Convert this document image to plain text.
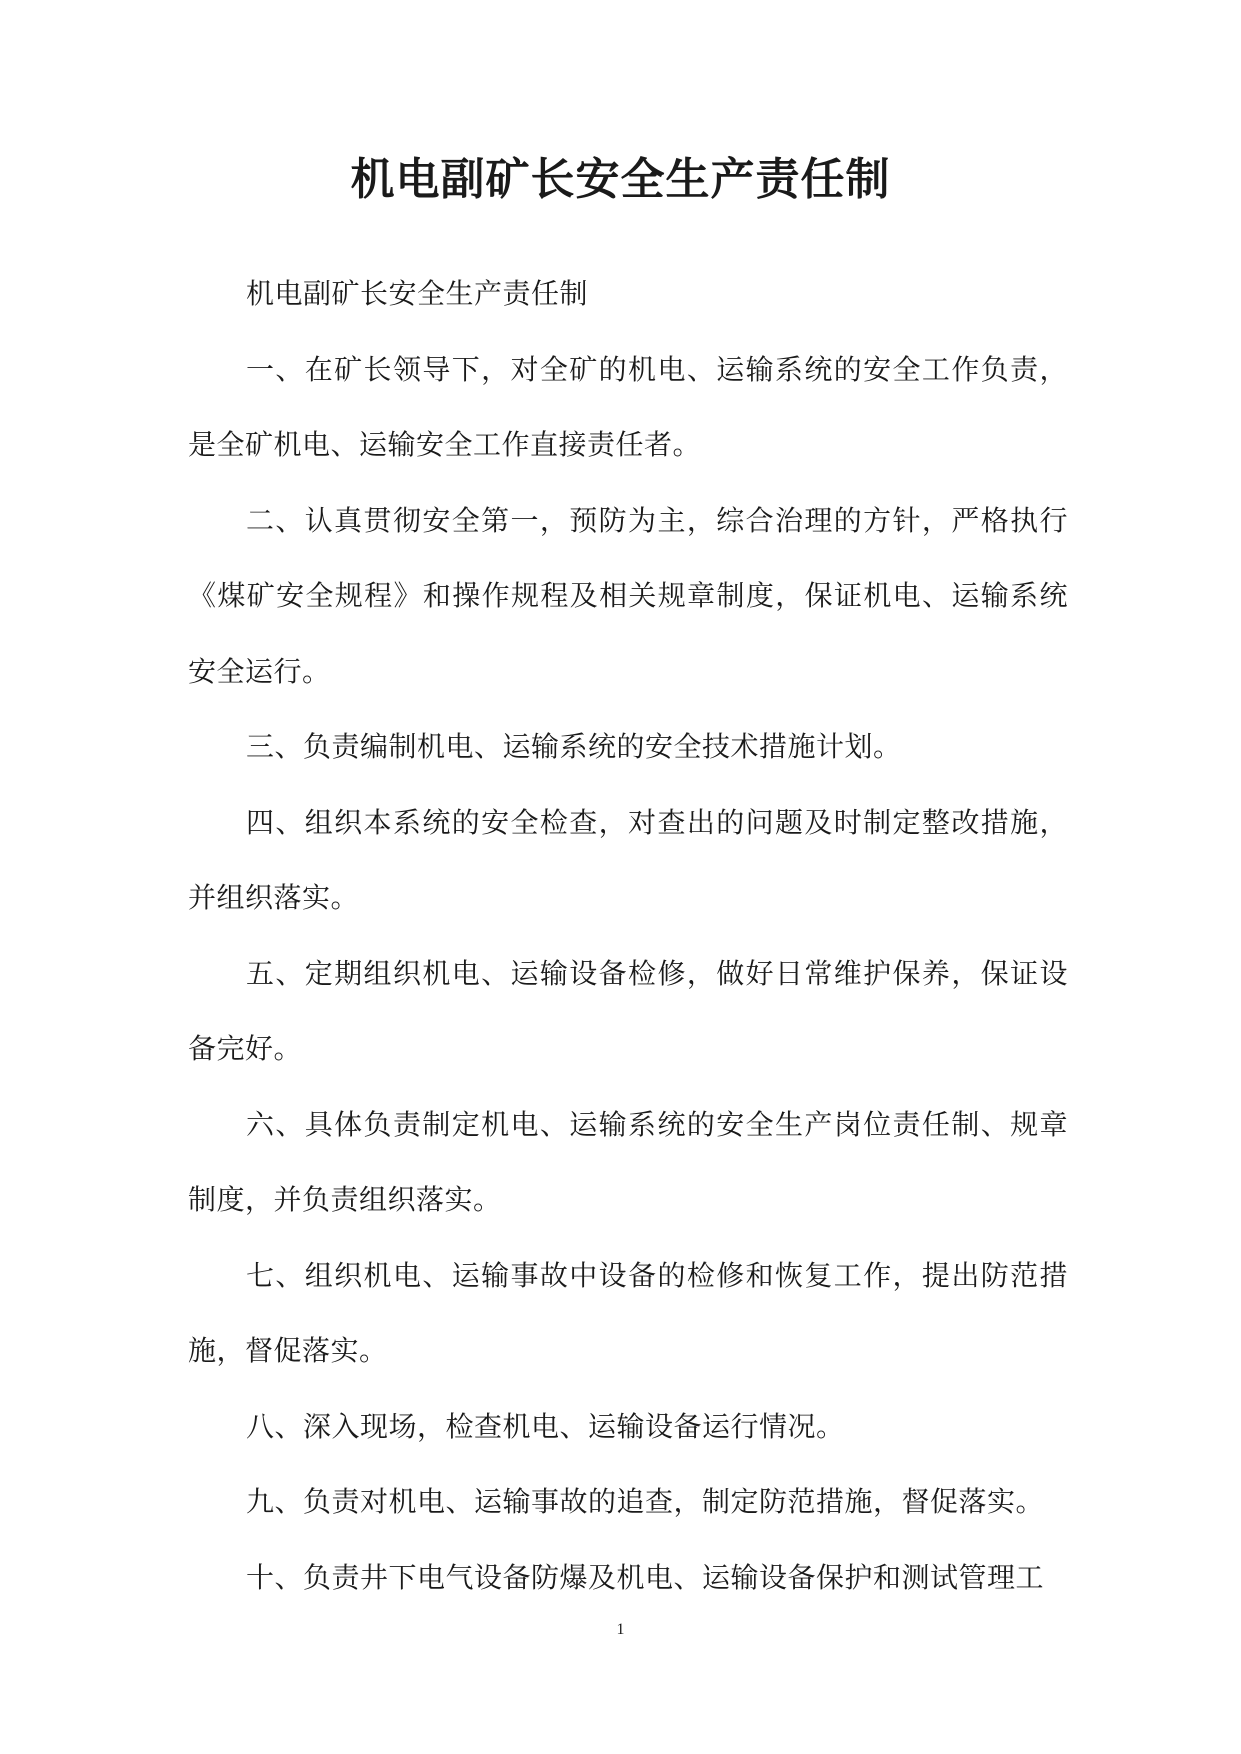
机电副矿长安全生产责任制

机电副矿长安全生产责任制

一、在矿长领导下，对全矿的机电、运输系统的安全工作负责，是全矿机电、运输安全工作直接责任者。

二、认真贯彻安全第一，预防为主，综合治理的方针，严格执行《煤矿安全规程》和操作规程及相关规章制度，保证机电、运输系统安全运行。

三、负责编制机电、运输系统的安全技术措施计划。

四、组织本系统的安全检查，对查出的问题及时制定整改措施，并组织落实。

五、定期组织机电、运输设备检修，做好日常维护保养，保证设备完好。

六、具体负责制定机电、运输系统的安全生产岗位责任制、规章制度，并负责组织落实。

七、组织机电、运输事故中设备的检修和恢复工作，提出防范措施，督促落实。

八、深入现场，检查机电、运输设备运行情况。

九、负责对机电、运输事故的追查，制定防范措施，督促落实。

十、负责井下电气设备防爆及机电、运输设备保护和测试管理工

1
